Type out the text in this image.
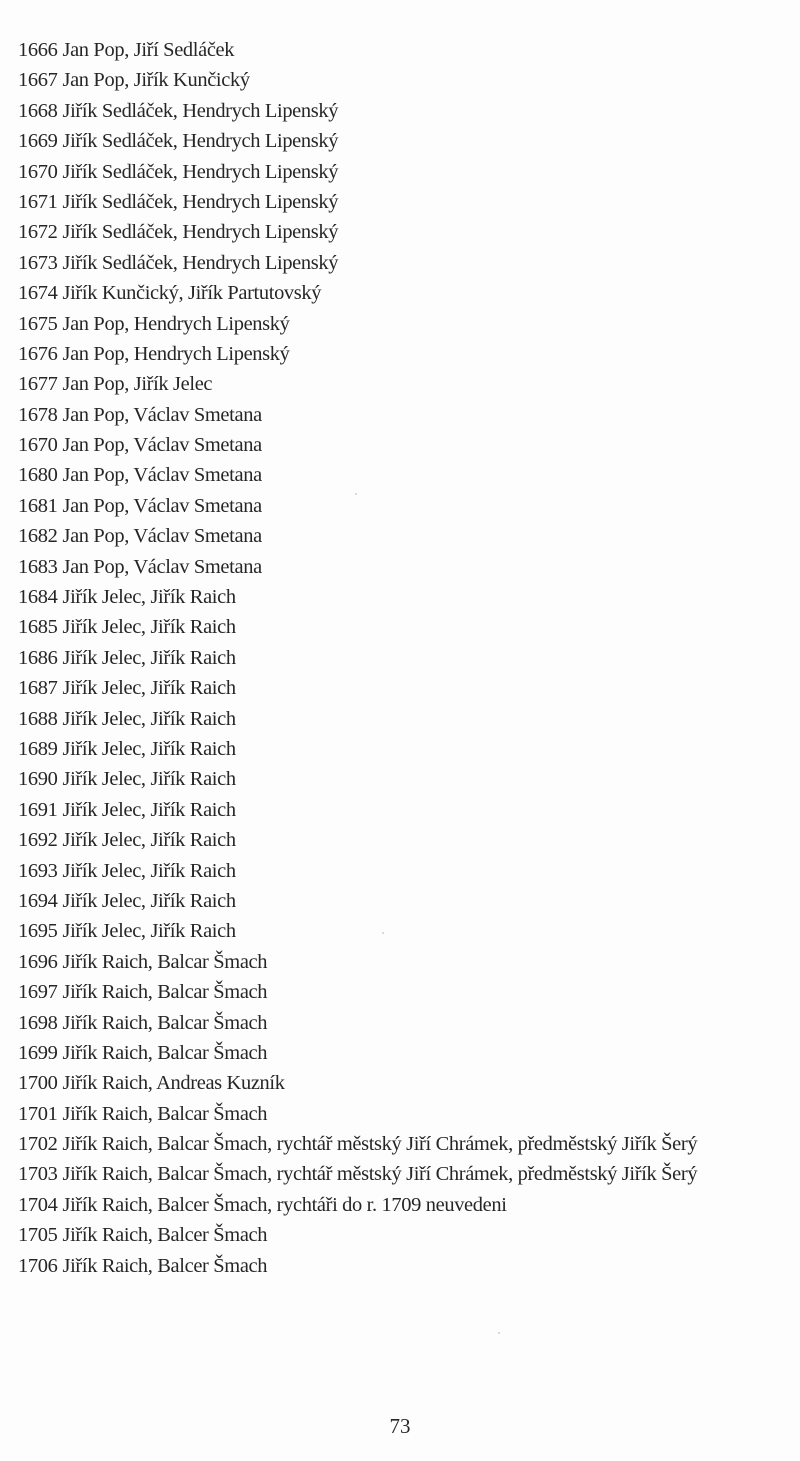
1666 Jan Pop, Jiří Sedláček
1667 Jan Pop, Jiřík Kunčický
1668 Jiřík Sedláček, Hendrych Lipenský
1669 Jiřík Sedláček, Hendrych Lipenský
1670 Jiřík Sedláček, Hendrych Lipenský
1671 Jiřík Sedláček, Hendrych Lipenský
1672 Jiřík Sedláček, Hendrych Lipenský
1673 Jiřík Sedláček, Hendrych Lipenský
1674 Jiřík Kunčický, Jiřík Partutovský
1675 Jan Pop, Hendrych Lipenský
1676 Jan Pop, Hendrych Lipenský
1677 Jan Pop, Jiřík Jelec
1678 Jan Pop, Václav Smetana
1670 Jan Pop, Václav Smetana
1680 Jan Pop, Václav Smetana
1681 Jan Pop, Václav Smetana
1682 Jan Pop, Václav Smetana
1683 Jan Pop, Václav Smetana
1684 Jiřík Jelec, Jiřík Raich
1685 Jiřík Jelec, Jiřík Raich
1686 Jiřík Jelec, Jiřík Raich
1687 Jiřík Jelec, Jiřík Raich
1688 Jiřík Jelec, Jiřík Raich
1689 Jiřík Jelec, Jiřík Raich
1690 Jiřík Jelec, Jiřík Raich
1691 Jiřík Jelec, Jiřík Raich
1692 Jiřík Jelec, Jiřík Raich
1693 Jiřík Jelec, Jiřík Raich
1694 Jiřík Jelec, Jiřík Raich
1695 Jiřík Jelec, Jiřík Raich
1696 Jiřík Raich, Balcar Šmach
1697 Jiřík Raich, Balcar Šmach
1698 Jiřík Raich, Balcar Šmach
1699 Jiřík Raich, Balcar Šmach
1700 Jiřík Raich, Andreas Kuzník
1701 Jiřík Raich, Balcar Šmach
1702 Jiřík Raich, Balcar Šmach, rychtář městský Jiří Chrámek, předměstský Jiřík Šerý
1703 Jiřík Raich, Balcar Šmach, rychtář městský Jiří Chrámek, předměstský Jiřík Šerý
1704 Jiřík Raich, Balcer Šmach, rychtáři do r. 1709 neuvedeni
1705 Jiřík Raich, Balcer Šmach
1706 Jiřík Raich, Balcer Šmach
73
